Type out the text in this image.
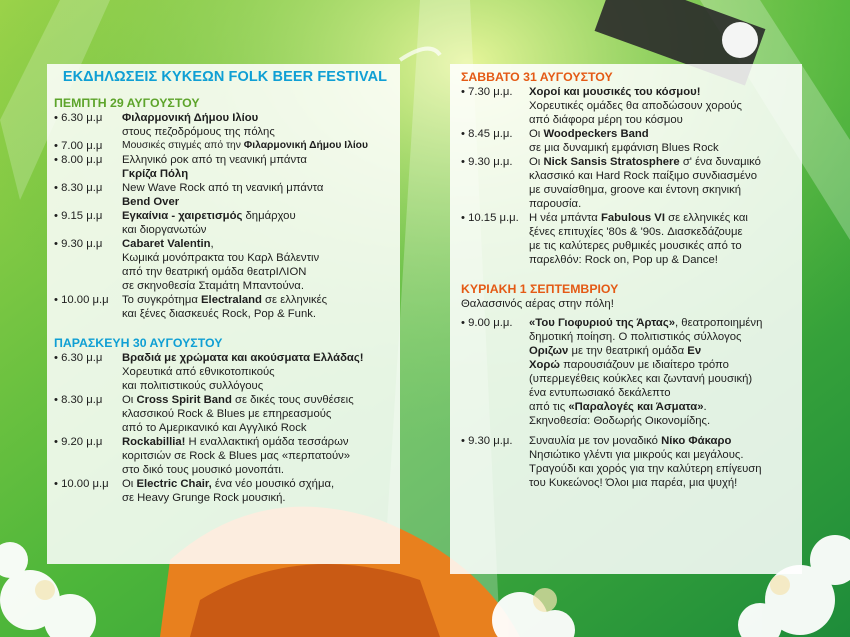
ΕΚΔΗΛΩΣΕΙΣ ΚΥΚΕΩΝ FOLK BEER FESTIVAL
ΠΕΜΠΤΗ 29 ΑΥΓΟΥΣΤΟΥ
• 6.30 μ.μ	Φιλαρμονική Δήμου Ιλίου
στους πεζοδρόμους της πόλης
• 7.00 μ.μ	Μουσικές στιγμές από την Φιλαρμονική Δήμου Ιλίου
• 8.00 μ.μ	Ελληνικό ροκ από τη νεανική μπάντα
Γκρίζα Πόλη
• 8.30 μ.μ	New Wave Rock από τη νεανική μπάντα
Bend Over
• 9.15 μ.μ	Εγκαίνια - χαιρετισμός δημάρχου
και διοργανωτών
• 9.30 μ.μ	Cabaret Valentin,
Κωμικά μονόπρακτα του Καρλ Βάλεντιν
από την θεατρική ομάδα θεατρΙΛΙΟΝ
σε σκηνοθεσία Σταμάτη Μπαντούνα.
• 10.00 μ.μ	Το συγκρότημα Electraland σε ελληνικές
και ξένες διασκευές Rock, Pop & Funk.
ΠΑΡΑΣΚΕΥΗ 30 ΑΥΓΟΥΣΤΟΥ
• 6.30 μ.μ	Βραδιά με χρώματα και ακούσματα Ελλάδας!
Χορευτικά από εθνικοτοπικούς
και πολιτιστικούς συλλόγους
• 8.30 μ.μ	Οι Cross Spirit Band σε δικές τους συνθέσεις
κλασσικού Rock & Blues με επηρεασμούς
από το Αμερικανικό και Αγγλικό Rock
• 9.20 μ.μ	Rockabillia! Η εναλλακτική ομάδα τεσσάρων
κοριτσιών σε Rock & Blues μας «περπατούν»
στο δικό τους μουσικό μονοπάτι.
• 10.00 μ.μ	Οι Electric Chair, ένα νέο μουσικό σχήμα,
σε Heavy Grunge Rock μουσική.
ΣΑΒΒΑΤΟ 31 ΑΥΓΟΥΣΤΟΥ
• 7.30 μ.μ.	Χοροί και μουσικές του κόσμου!
Χορευτικές ομάδες θα αποδώσουν χορούς
από διάφορα μέρη του κόσμου
• 8.45 μ.μ.	Οι Woodpeckers Band
σε μια δυναμική εμφάνιση Blues Rock
• 9.30 μ.μ.	Οι Nick Sansis Stratosphere σ' ένα δυναμικό
κλασσικό και Hard Rock παίξιμο συνδιασμένο
με συναίσθημα, groove και έντονη σκηνική
παρουσία.
• 10.15 μ.μ. Η νέα μπάντα Fabulous VI σε ελληνικές και
ξένες επιτυχίες '80s & '90s. Διασκεδάζουμε
με τις καλύτερες ρυθμικές μουσικές από το
παρελθόν: Rock on, Pop up & Dance!
ΚΥΡΙΑΚΗ 1 ΣΕΠΤΕΜΒΡΙΟΥ
Θαλασσινός αέρας στην πόλη!
• 9.00 μ.μ.	«Του Γιοφυριού της Άρτας», θεατροποιημένη
δημοτική ποίηση. Ο πολιτιστικός σύλλογος
Οριζων με την θεατρική ομάδα Εν
Χορώ παρουσιάζουν με ιδιαίτερο τρόπο
(υπερμεγέθεις κούκλες και ζωντανή μουσική)
ένα εντυπωσιακό δεκάλεπτο
από τις «Παραλογές και Άσματα».
Σκηνοθεσία: Θοδωρής Οικονομίδης.
• 9.30 μ.μ.	Συναυλία με τον μοναδικό Νίκο Φάκαρο
Νησιώτικο γλέντι για μικρούς και μεγάλους.
Τραγούδι και χορός για την καλύτερη επίγευση
του Κυκεώνος! Όλοι μια παρέα, μια ψυχή!
